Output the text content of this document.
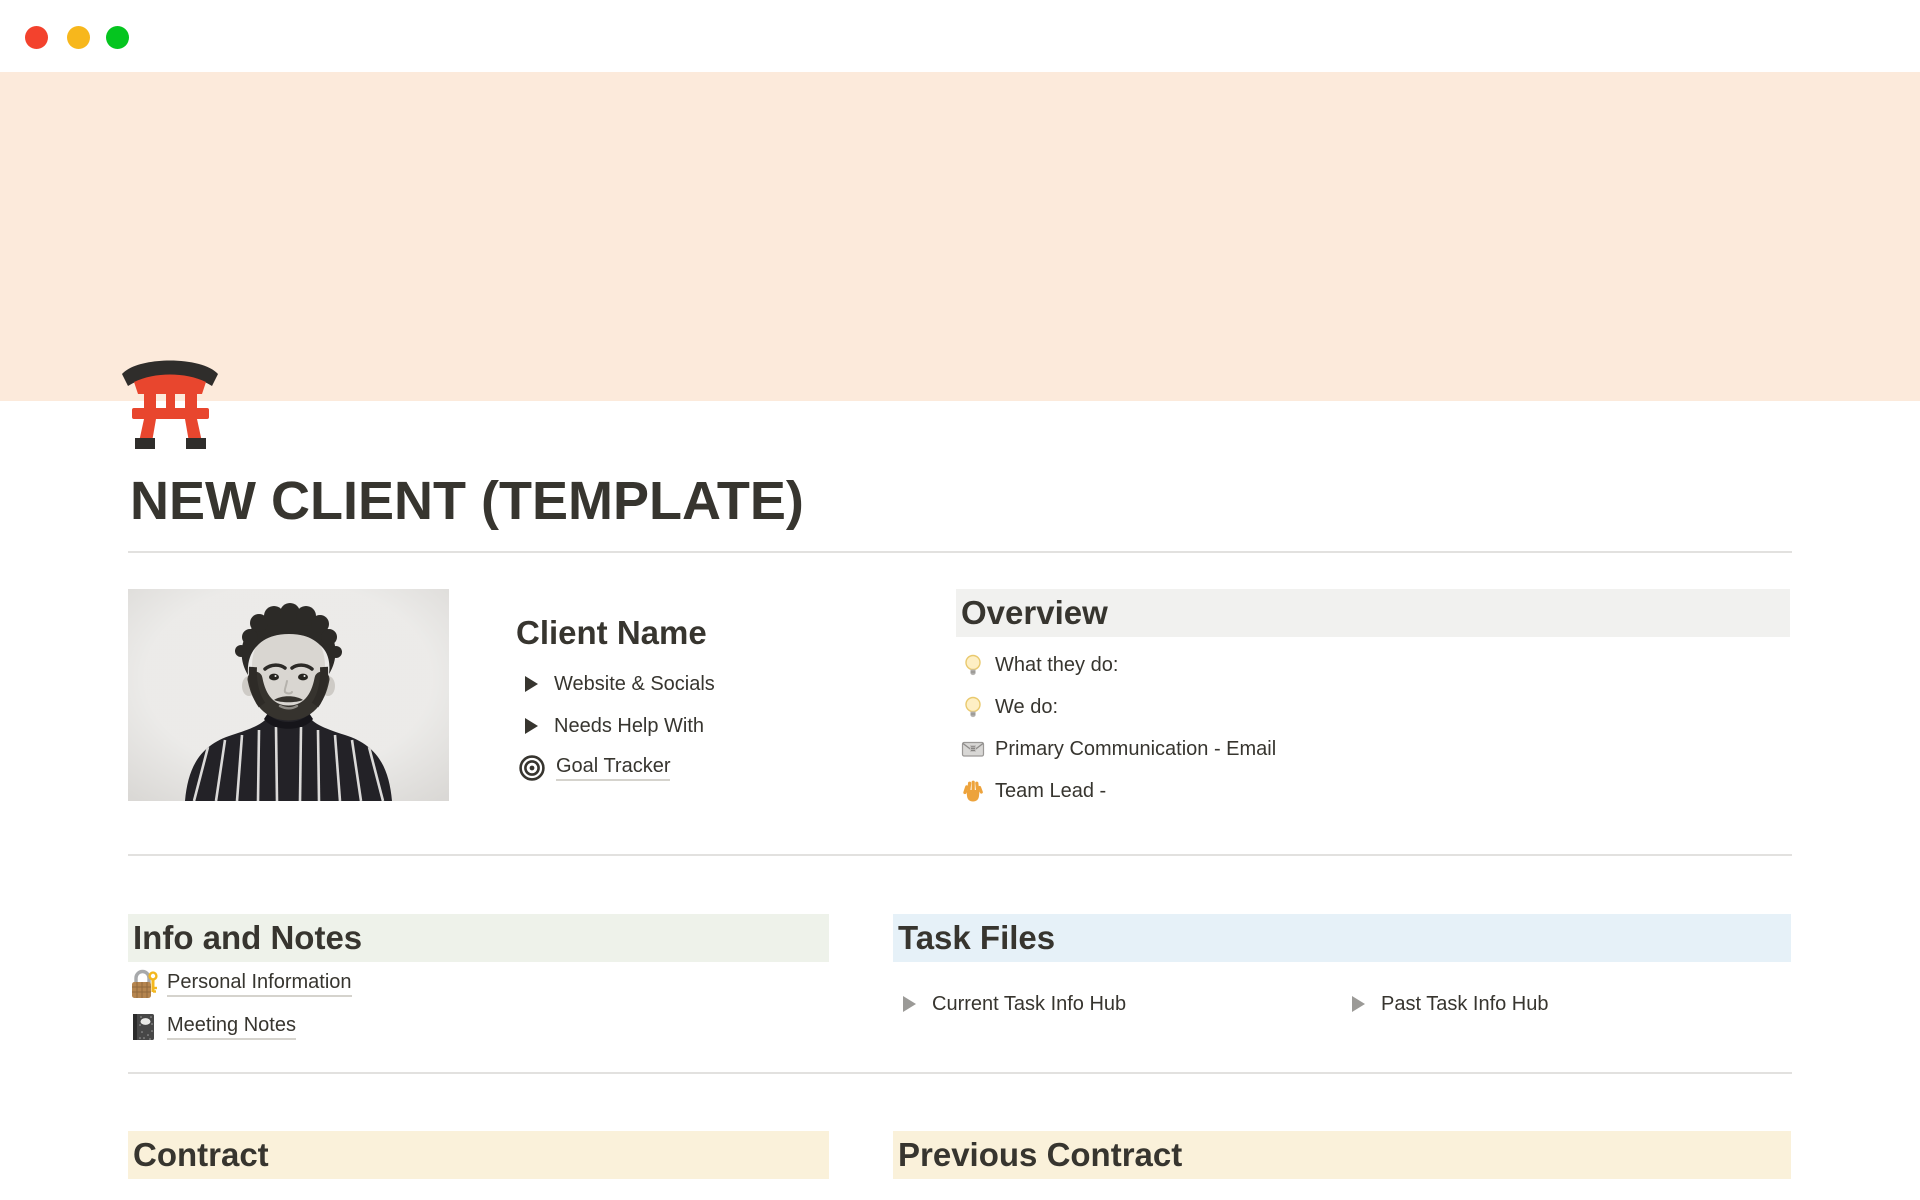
NEW CLIENT (TEMPLATE)
Client Name
Website & Socials
Needs Help With
Goal Tracker
Overview
What they do:
We do:
Primary Communication - Email
Team Lead -
Info and Notes
Personal Information
Meeting Notes
Task Files
Current Task Info Hub	Past Task Info Hub
Contract	Previous Contract
